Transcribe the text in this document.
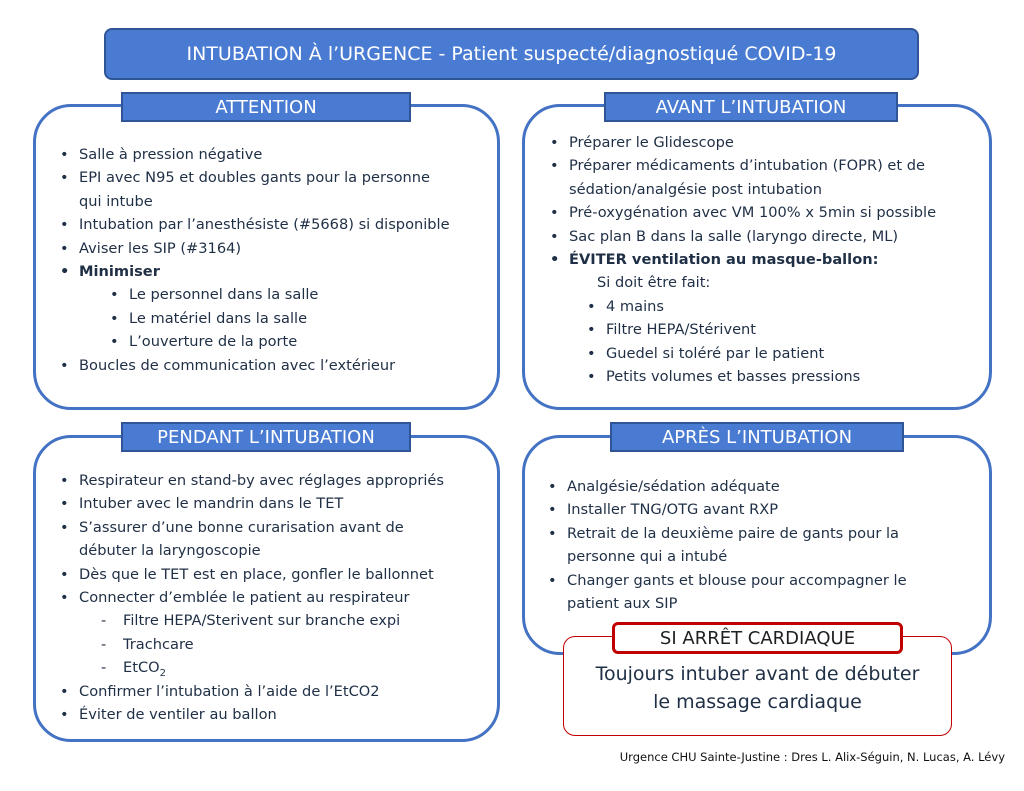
INTUBATION À l’URGENCE - Patient suspecté/diagnostiqué COVID-19
ATTENTION
• Salle à pression négative
• EPI avec N95 et doubles gants pour la personne
qui intube
• Intubation par l’anesthésiste (#5668) si disponible
• Aviser les SIP (#3164)
• Minimiser
• Le personnel dans la salle
• Le matériel dans la salle
• L’ouverture de la porte
• Boucles de communication avec l’extérieur
AVANT L’INTUBATION
• Préparer le Glidescope
• Préparer médicaments d’intubation (FOPR) et de
sédation/analgésie post intubation
• Pré-oxygénation avec VM 100% x 5min si possible
• Sac plan B dans la salle (laryngo directe, ML)
• ÉVITER ventilation au masque-ballon:
Si doit être fait:
• 4 mains
• Filtre HEPA/Stérivent
• Guedel si toléré par le patient
• Petits volumes et basses pressions
PENDANT L’INTUBATION
• Respirateur en stand-by avec réglages appropriés
• Intuber avec le mandrin dans le TET
• S’assurer d’une bonne curarisation avant de
débuter la laryngoscopie
• Dès que le TET est en place, gonfler le ballonnet
• Connecter d’emblée le patient au respirateur
- Filtre HEPA/Sterivent sur branche expi
- Trachcare
- EtCO$_2$
• Confirmer l’intubation à l’aide de l’EtCO2
• Éviter de ventiler au ballon
APRÈS L’INTUBATION
• Analgésie/sédation adéquate
• Installer TNG/OTG avant RXP
• Retrait de la deuxième paire de gants pour la
personne qui a intubé
• Changer gants et blouse pour accompagner le
patient aux SIP
SI ARRÊT CARDIAQUE
Toujours intuber avant de débuter
le massage cardiaque
Urgence CHU Sainte-Justine : Dres L. Alix-Séguin, N. Lucas, A. Lévy
